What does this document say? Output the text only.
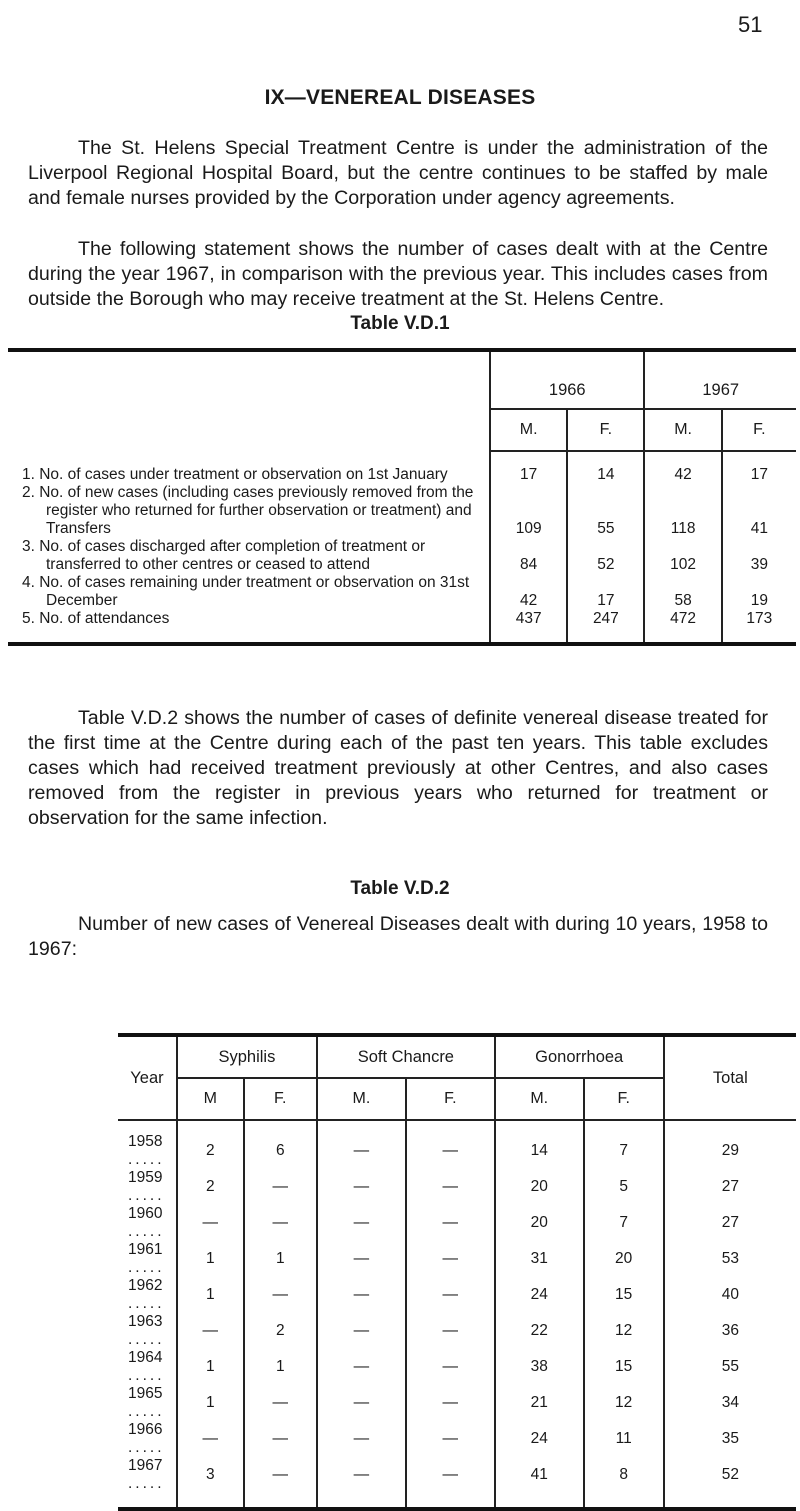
51
IX—VENEREAL DISEASES

The St. Helens Special Treatment Centre is under the administration of the Liverpool Regional Hospital Board, but the centre continues to be staffed by male and female nurses provided by the Corporation under agency agreements.

The following statement shows the number of cases dealt with at the Centre during the year 1967, in comparison with the previous year. This includes cases from outside the Borough who may receive treatment at the St. Helens Centre.

Table V.D.1
	1966		1967	
	M.	F.	M.	F.

1. No. of cases under treatment or observation on 1st January	17	14	42	17

2. No. of new cases (including cases previously removed from the register who returned for further observation or treatment) and Transfers	109	55	118	41

3. No. of cases discharged after completion of treatment or transferred to other centres or ceased to attend	84	52	102	39

4. No. of cases remaining under treatment or observation on 31st December	42	17	58	19

5. No. of attendances	437	247	472	173

Table V.D.2 shows the number of cases of definite venereal disease treated for the first time at the Centre during each of the past ten years. This table excludes cases which had received treatment previously at other Centres, and also cases removed from the register in previous years who returned for treatment or observation for the same infection.

Table V.D.2

Number of new cases of Venereal Diseases dealt with during 10 years, 1958 to 1967:

Year	Syphilis		Soft Chancre		Gonorrhoea		Total
	M	F.	M.	F.	M.	F.	
1958 .....	2	6	—	—	14	7	29
1959 .....	2	—	—	—	20	5	27
1960 .....	—	—	—	—	20	7	27
1961 .....	1	1	—	—	31	20	53
1962 .....	1	—	—	—	24	15	40
1963 .....	—	2	—	—	22	12	36
1964 .....	1	1	—	—	38	15	55
1965 .....	1	—	—	—	21	12	34
1966 .....	—	—	—	—	24	11	35
1967 .....	3	—	—	—	41	8	52
